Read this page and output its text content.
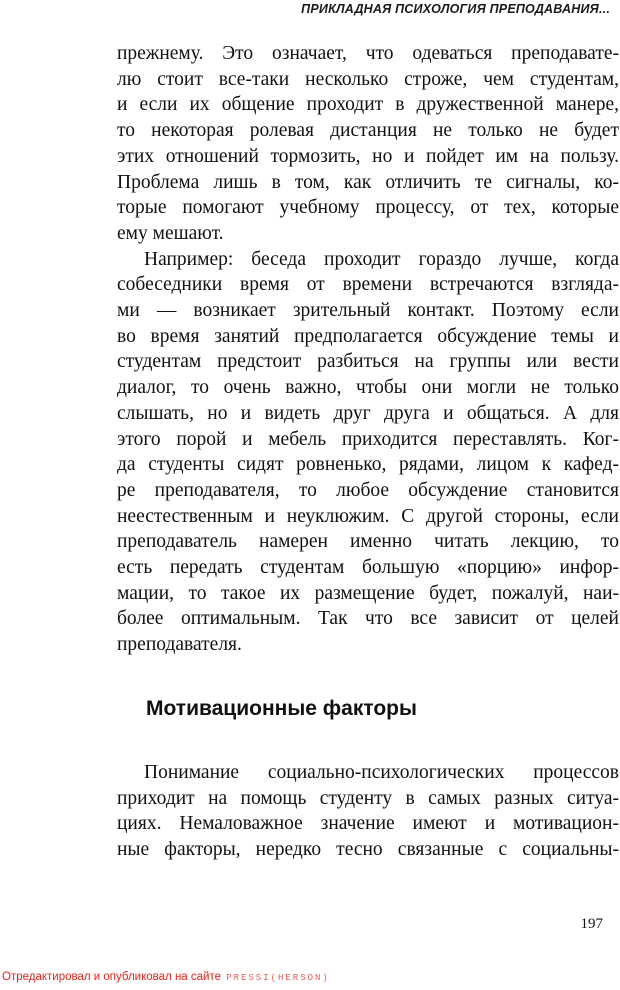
ПРИКЛАДНАЯ ПСИХОЛОГИЯ ПРЕПОДАВАНИЯ...
прежнему. Это означает, что одеваться преподавате-
лю стоит все-таки несколько строже, чем студентам,
и если их общение проходит в дружественной манере,
то некоторая ролевая дистанция не только не будет
этих отношений тормозить, но и пойдет им на пользу.
Проблема лишь в том, как отличить те сигналы, ко-
торые помогают учебному процессу, от тех, которые
ему мешают.
Например: беседа проходит гораздо лучше, когда
собеседники время от времени встречаются взгляда-
ми — возникает зрительный контакт. Поэтому если
во время занятий предполагается обсуждение темы и
студентам предстоит разбиться на группы или вести
диалог, то очень важно, чтобы они могли не только
слышать, но и видеть друг друга и общаться. А для
этого порой и мебель приходится переставлять. Ког-
да студенты сидят ровненько, рядами, лицом к кафед-
ре преподавателя, то любое обсуждение становится
неестественным и неуклюжим. С другой стороны, если
преподаватель намерен именно читать лекцию, то
есть передать студентам большую «порцию» инфор-
мации, то такое их размещение будет, пожалуй, наи-
более оптимальным. Так что все зависит от целей
преподавателя.
Мотивационные факторы
Понимание социально-психологических процессов
приходит на помощь студенту в самых разных ситуа-
циях. Немаловажное значение имеют и мотивацион-
ные факторы, нередко тесно связанные с социальны-
197
Отредактировал и опубликовал на сайте PRESSI(HERSON)
